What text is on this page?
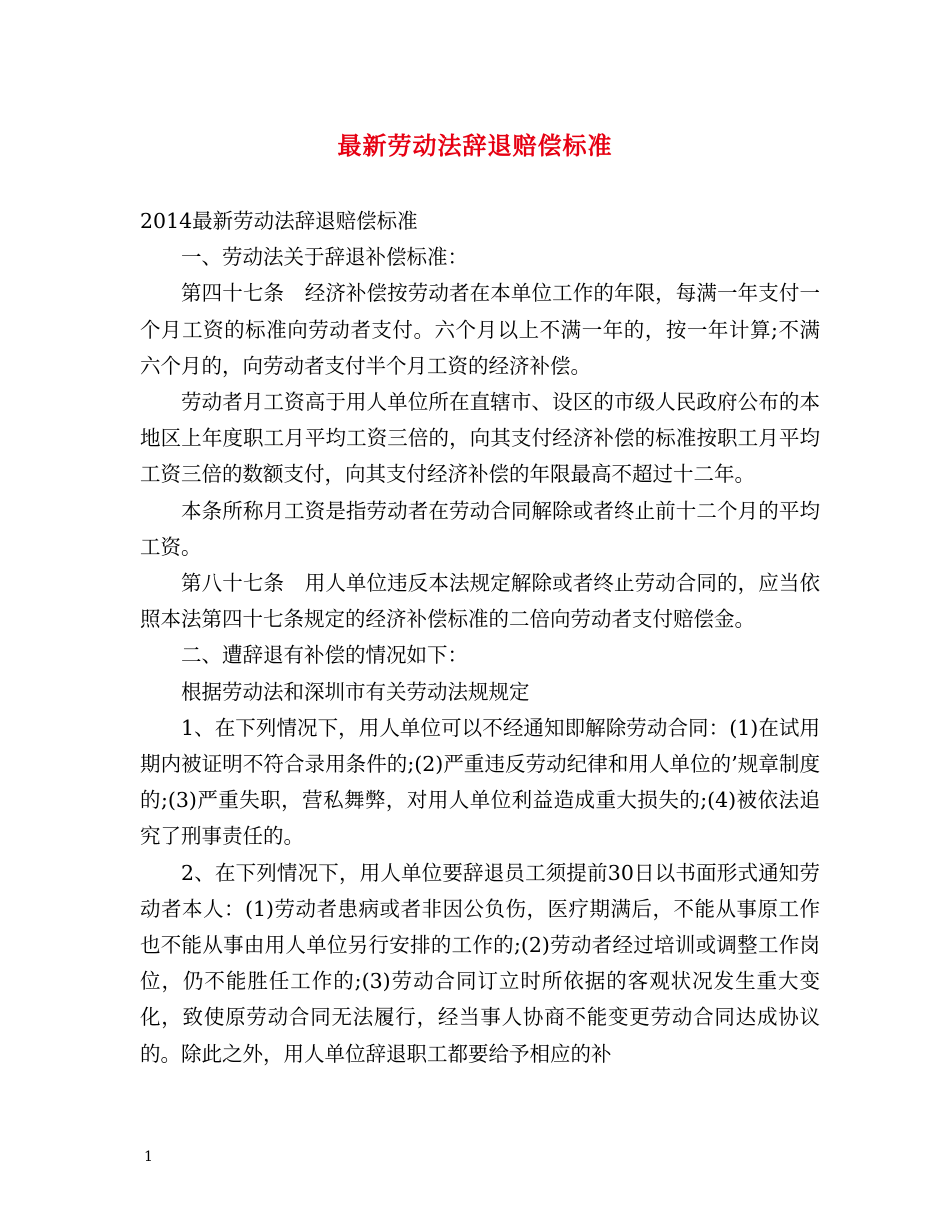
最新劳动法辞退赔偿标准

2014最新劳动法辞退赔偿标准

一、劳动法关于辞退补偿标准：

第四十七条　经济补偿按劳动者在本单位工作的年限，每满一年支付一个月工资的标准向劳动者支付。六个月以上不满一年的，按一年计算;不满六个月的，向劳动者支付半个月工资的经济补偿。

劳动者月工资高于用人单位所在直辖市、设区的市级人民政府公布的本地区上年度职工月平均工资三倍的，向其支付经济补偿的标准按职工月平均工资三倍的数额支付，向其支付经济补偿的年限最高不超过十二年。

本条所称月工资是指劳动者在劳动合同解除或者终止前十二个月的平均工资。

第八十七条　用人单位违反本法规定解除或者终止劳动合同的，应当依照本法第四十七条规定的经济补偿标准的二倍向劳动者支付赔偿金。

二、遭辞退有补偿的情况如下：

根据劳动法和深圳市有关劳动法规规定

1、在下列情况下，用人单位可以不经通知即解除劳动合同：(1)在试用期内被证明不符合录用条件的;(2)严重违反劳动纪律和用人单位的’规章制度的;(3)严重失职，营私舞弊，对用人单位利益造成重大损失的;(4)被依法追究了刑事责任的。

2、在下列情况下，用人单位要辞退员工须提前30日以书面形式通知劳动者本人：(1)劳动者患病或者非因公负伤，医疗期满后，不能从事原工作也不能从事由用人单位另行安排的工作的;(2)劳动者经过培训或调整工作岗位，仍不能胜任工作的;(3)劳动合同订立时所依据的客观状况发生重大变化，致使原劳动合同无法履行，经当事人协商不能变更劳动合同达成协议的。除此之外，用人单位辞退职工都要给予相应的补

1
